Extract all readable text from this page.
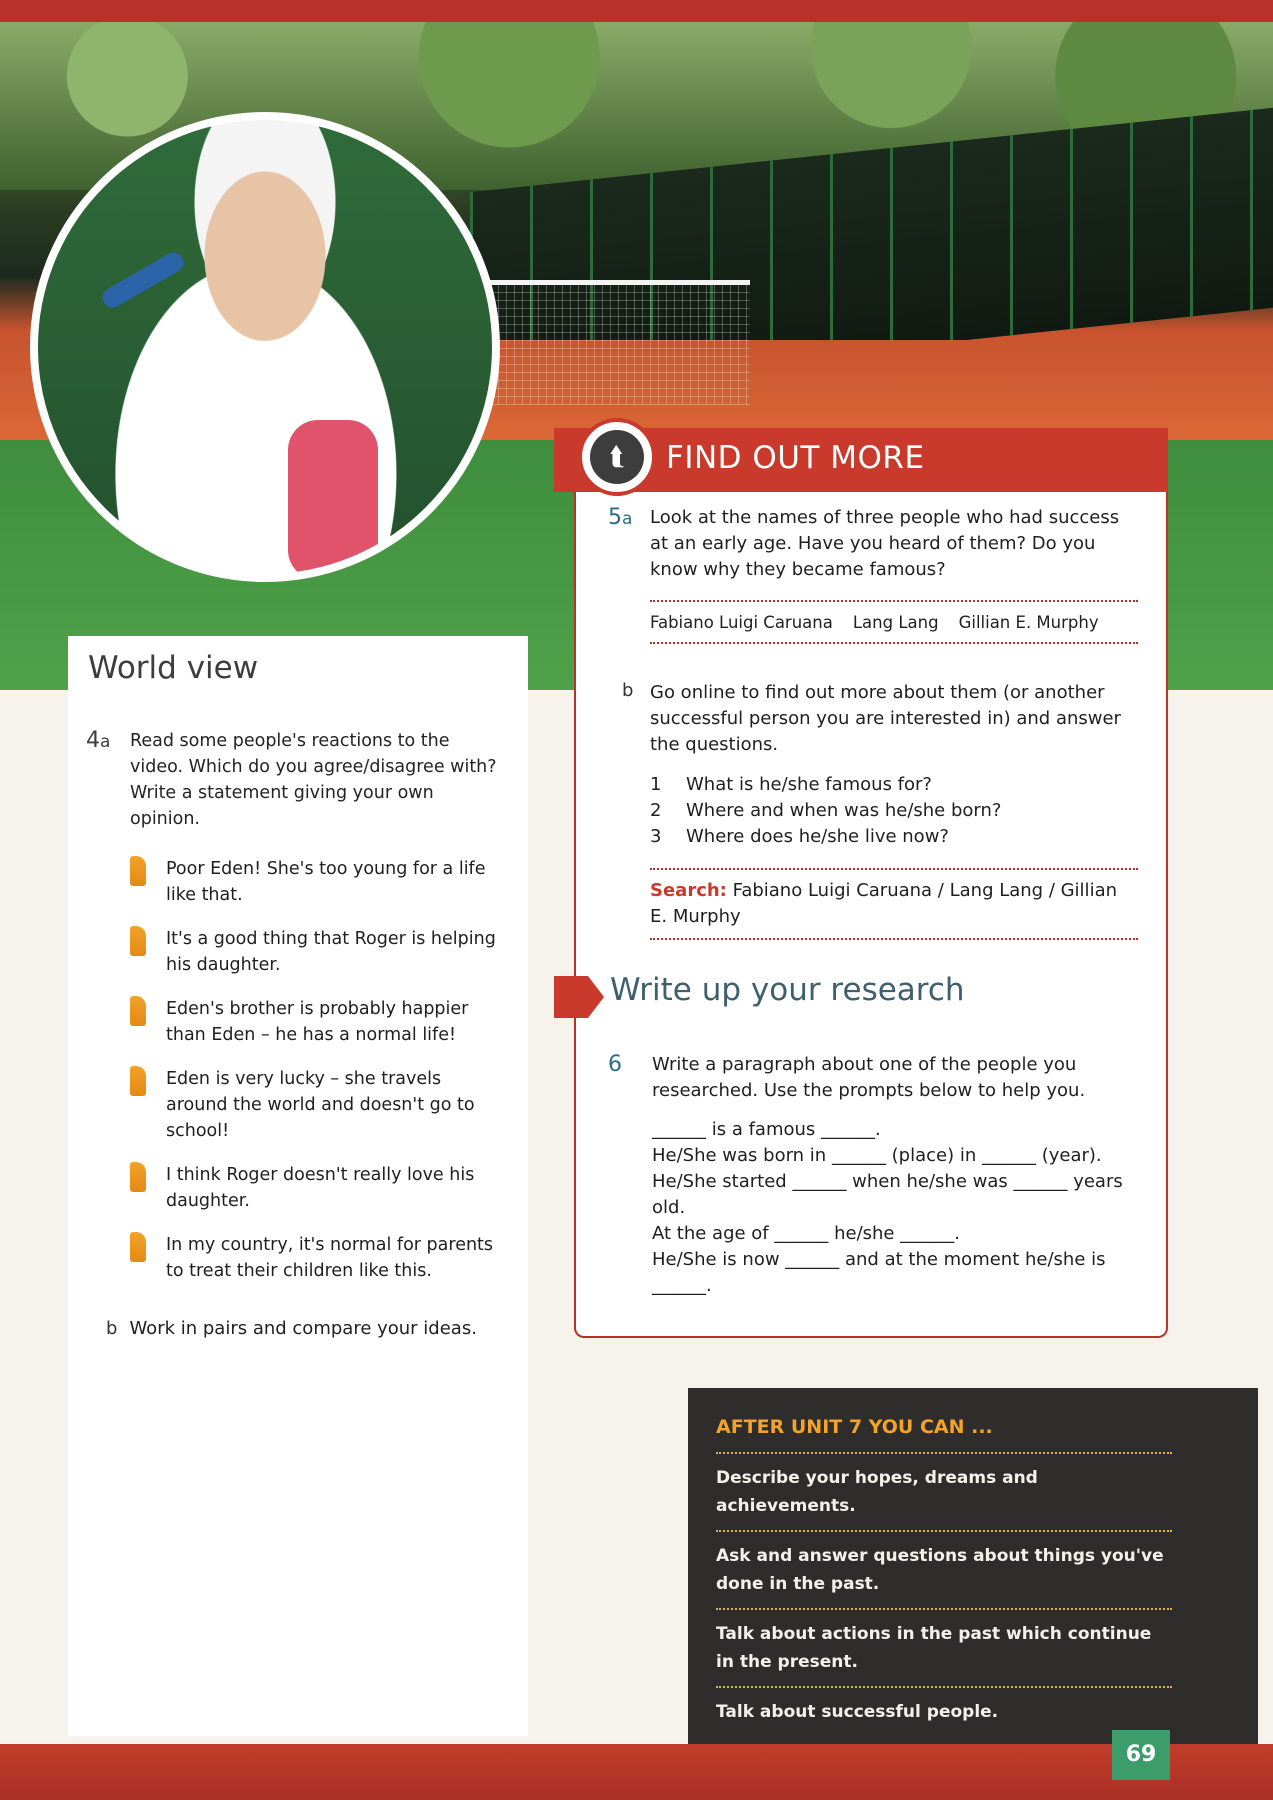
World view
4a Read some people's reactions to the video. Which do you agree/disagree with? Write a statement giving your own opinion.
Poor Eden! She's too young for a life like that.
It's a good thing that Roger is helping his daughter.
Eden's brother is probably happier than Eden – he has a normal life!
Eden is very lucky – she travels around the world and doesn't go to school!
I think Roger doesn't really love his daughter.
In my country, it's normal for parents to treat their children like this.
b Work in pairs and compare your ideas.
⮬	FIND OUT MORE
5a Look at the names of three people who had success at an early age. Have you heard of them? Do you know why they became famous?
Fabiano Luigi Caruana Lang Lang Gillian E. Murphy
b Go online to find out more about them (or another successful person you are interested in) and answer the questions.
1 What is he/she famous for?
2 Where and when was he/she born?
3 Where does he/she live now?
Search: Fabiano Luigi Caruana / Lang Lang / Gillian E. Murphy
Write up your research
6 Write a paragraph about one of the people you researched. Use the prompts below to help you.
______ is a famous ______.
He/She was born in ______ (place) in ______ (year).
He/She started ______ when he/she was ______ years old.
At the age of ______ he/she ______.
He/She is now ______ and at the moment he/she is ______.
AFTER UNIT 7 YOU CAN ...
Describe your hopes, dreams and achievements.
Ask and answer questions about things you've done in the past.
Talk about actions in the past which continue in the present.
Talk about successful people.
69
